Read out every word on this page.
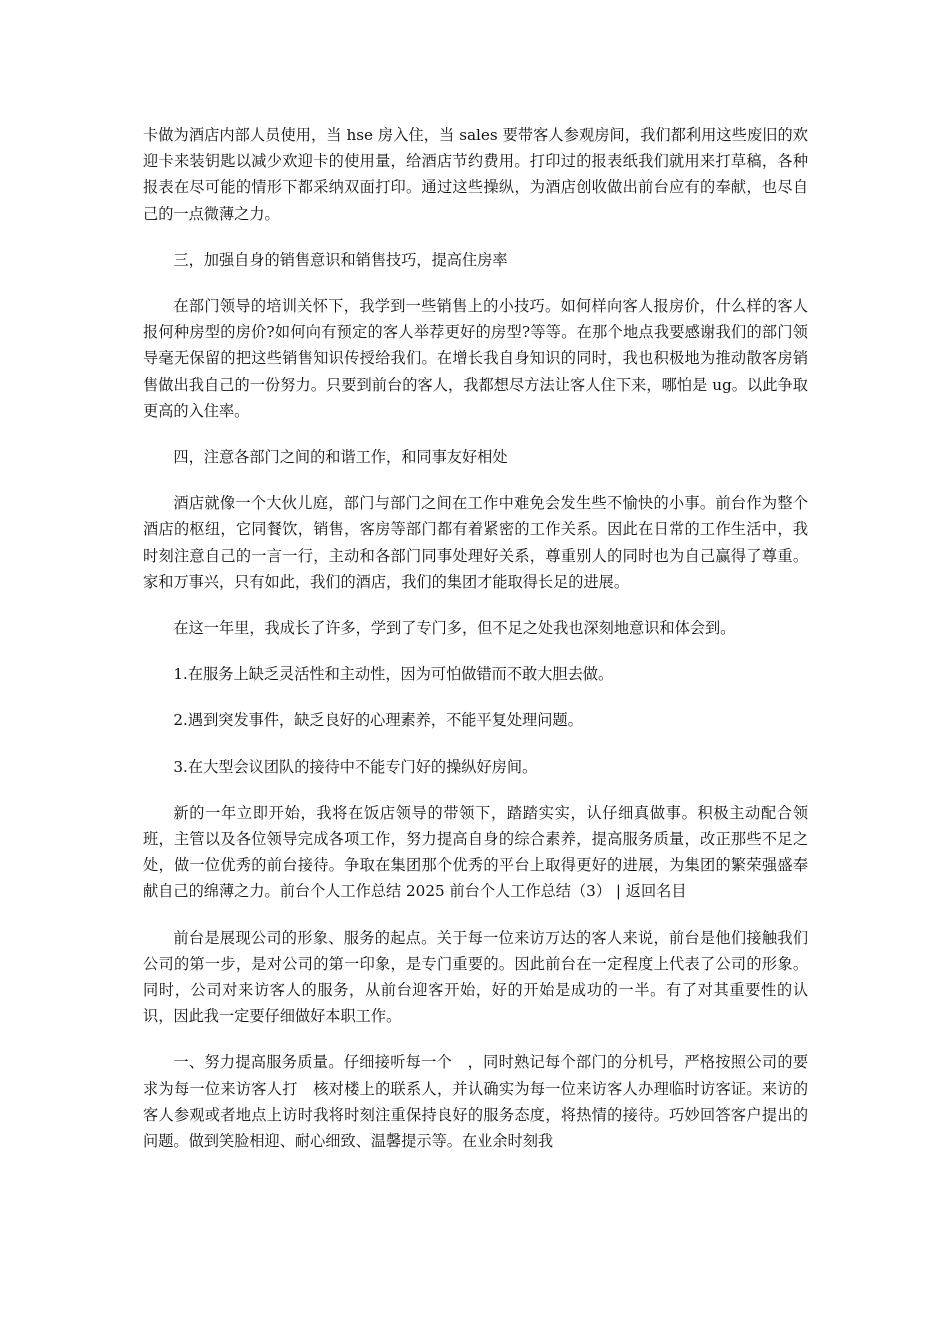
卡做为酒店内部人员使用，当 hse 房入住，当 sales 要带客人参观房间，我们都利用这些废旧的欢迎卡来装钥匙以减少欢迎卡的使用量，给酒店节约费用。打印过的报表纸我们就用来打草稿，各种报表在尽可能的情形下都采纳双面打印。通过这些操纵，为酒店创收做出前台应有的奉献，也尽自己的一点微薄之力。

三，加强自身的销售意识和销售技巧，提高住房率

在部门领导的培训关怀下，我学到一些销售上的小技巧。如何样向客人报房价，什么样的客人报何种房型的房价?如何向有预定的客人举荐更好的房型?等等。在那个地点我要感谢我们的部门领导毫无保留的把这些销售知识传授给我们。在增长我自身知识的同时，我也积极地为推动散客房销售做出我自己的一份努力。只要到前台的客人，我都想尽方法让客人住下来，哪怕是 ug。以此争取更高的入住率。

四，注意各部门之间的和谐工作，和同事友好相处

酒店就像一个大伙儿庭，部门与部门之间在工作中难免会发生些不愉快的小事。前台作为整个酒店的枢纽，它同餐饮，销售，客房等部门都有着紧密的工作关系。因此在日常的工作生活中，我时刻注意自己的一言一行，主动和各部门同事处理好关系，尊重别人的同时也为自己赢得了尊重。家和万事兴，只有如此，我们的酒店，我们的集团才能取得长足的进展。

在这一年里，我成长了许多，学到了专门多，但不足之处我也深刻地意识和体会到。

1.在服务上缺乏灵活性和主动性，因为可怕做错而不敢大胆去做。

2.遇到突发事件，缺乏良好的心理素养，不能平复处理问题。

3.在大型会议团队的接待中不能专门好的操纵好房间。

新的一年立即开始，我将在饭店领导的带领下，踏踏实实，认仔细真做事。积极主动配合领班，主管以及各位领导完成各项工作，努力提高自身的综合素养，提高服务质量，改正那些不足之处，做一位优秀的前台接待。争取在集团那个优秀的平台上取得更好的进展，为集团的繁荣强盛奉献自己的绵薄之力。前台个人工作总结 2025 前台个人工作总结（3） | 返回名目

前台是展现公司的形象、服务的起点。关于每一位来访万达的客人来说，前台是他们接触我们公司的第一步，是对公司的第一印象，是专门重要的。因此前台在一定程度上代表了公司的形象。同时，公司对来访客人的服务，从前台迎客开始，好的开始是成功的一半。有了对其重要性的认识，因此我一定要仔细做好本职工作。

一、努力提高服务质量。仔细接听每一个　，同时熟记每个部门的分机号，严格按照公司的要求为每一位来访客人打　核对楼上的联系人，并认确实为每一位来访客人办理临时访客证。来访的客人参观或者地点上访时我将时刻注重保持良好的服务态度，将热情的接待。巧妙回答客户提出的问题。做到笑脸相迎、耐心细致、温馨提示等。在业余时刻我
